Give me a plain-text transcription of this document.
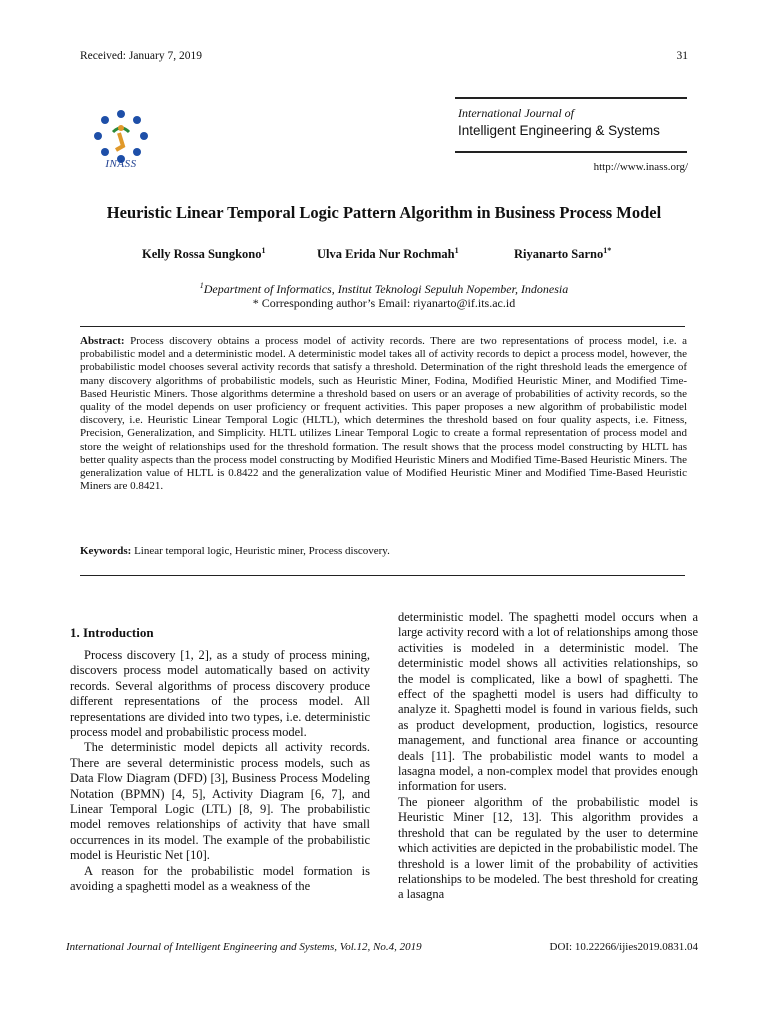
Received: January 7, 2019	31
INASS
International Journal of
Intelligent Engineering & Systems
http://www.inass.org/
Heuristic Linear Temporal Logic Pattern Algorithm in Business Process Model
Kelly Rossa Sungkono$^1$	Ulva Erida Nur Rochmah$^1$	Riyanarto Sarno$^{1*}$
$^1$Department of Informatics, Institut Teknologi Sepuluh Nopember, Indonesia
* Corresponding author’s Email: riyanarto@if.its.ac.id
Abstract: Process discovery obtains a process model of activity records. There are two representations of process model, i.e. a probabilistic model and a deterministic model. A deterministic model takes all of activity records to depict a process model, however, the probabilistic model chooses several activity records that satisfy a threshold. Determination of the right threshold leads the emergence of many discovery algorithms of probabilistic models, such as Heuristic Miner, Fodina, Modified Heuristic Miner, and Modified Time-Based Heuristic Miners. Those algorithms determine a threshold based on users or an average of probabilities of activity records, so the quality of the model depends on user proficiency or frequent activities. This paper proposes a new algorithm of probabilistic model discovery, i.e. Heuristic Linear Temporal Logic (HLTL), which determines the threshold based on four quality aspects, i.e. Fitness, Precision, Generalization, and Simplicity. HLTL utilizes Linear Temporal Logic to create a formal representation of process model and store the weight of relationships used for the threshold formation. The result shows that the process model constructing by HLTL has better quality aspects than the process model constructing by Modified Heuristic Miners and Modified Time-Based Heuristic Miners. The generalization value of HLTL is 0.8422 and the generalization value of Modified Heuristic Miner and Modified Time-Based Heuristic Miners are 0.8421.
Keywords: Linear temporal logic, Heuristic miner, Process discovery.
1. Introduction

Process discovery [1, 2], as a study of process mining, discovers process model automatically based on activity records. Several algorithms of process discovery produce different representations of the process model. All representations are divided into two types, i.e. deterministic process model and probabilistic process model.

The deterministic model depicts all activity records. There are several deterministic process models, such as Data Flow Diagram (DFD) [3], Business Process Modeling Notation (BPMN) [4, 5], Activity Diagram [6, 7], and Linear Temporal Logic (LTL) [8, 9]. The probabilistic model removes relationships of activity that have small occurrences in its model. The example of the probabilistic model is Heuristic Net [10].

A reason for the probabilistic model formation is avoiding a spaghetti model as a weakness of the

deterministic model. The spaghetti model occurs when a large activity record with a lot of relationships among those activities is modeled in a deterministic model. The deterministic model shows all activities relationships, so the model is complicated, like a bowl of spaghetti. The effect of the spaghetti model is users had difficulty to analyze it. Spaghetti model is found in various fields, such as product development, production, logistics, resource management, and functional area finance or accounting deals [11]. The probabilistic model wants to model a lasagna model, a non-complex model that provides enough information for users.

The pioneer algorithm of the probabilistic model is Heuristic Miner [12, 13]. This algorithm provides a threshold that can be regulated by the user to determine which activities are depicted in the probabilistic model. The threshold is a lower limit of the probability of activities relationships to be modeled. The best threshold for creating a lasagna

International Journal of Intelligent Engineering and Systems, Vol.12, No.4, 2019	DOI: 10.22266/ijies2019.0831.04
